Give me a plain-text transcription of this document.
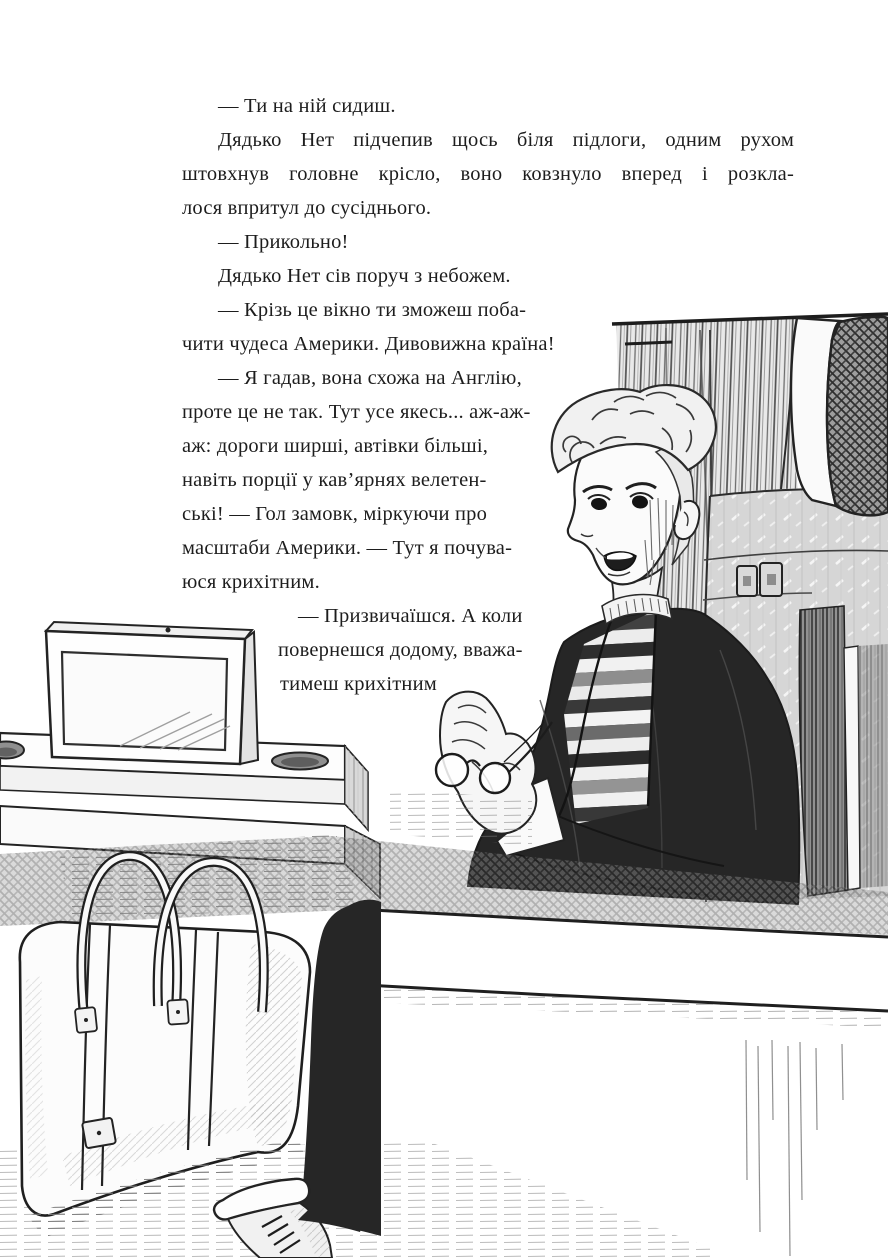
— Ти на ній сидиш.
Дядько Нет підчепив щось біля підлоги, одним рухом
штовхнув головне крісло, воно ковзнуло вперед і розкла-
лося впритул до сусіднього.
— Прикольно!
Дядько Нет сів поруч з небожем.
— Крізь це вікно ти зможеш поба-
чити чудеса Америки. Дивовижна країна!
— Я гадав, вона схожа на Англію,
проте це не так. Тут усе якесь... аж-аж-
аж: дороги ширші, автівки більші,
навіть порції у кав’ярнях велетен-
ські! — Гол замовк, міркуючи про
масштаби Америки. — Тут я почува-
юся крихітним.
— Призвичаїшся. А коли
повернешся додому, вважа-
тимеш крихітним
